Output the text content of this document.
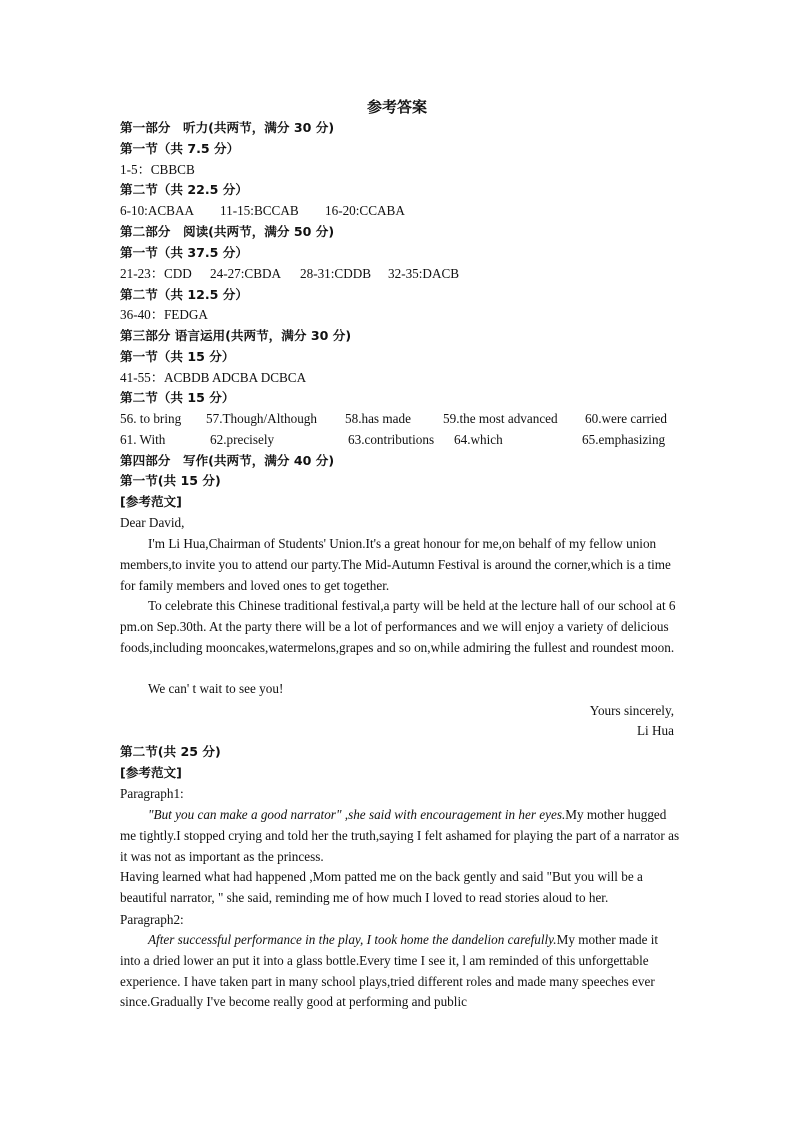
参考答案
第一部分　听力(共两节，满分 30 分)
第一节（共 7.5 分）
1-5：CBBCB
第二节（共 22.5 分）
6-10:ACBAA 11-15:BCCAB 16-20:CCABA
第二部分　阅读(共两节，满分 50 分)
第一节（共 37.5 分）
21-23：CDD 24-27:CBDA 28-31:CDDB 32-35:DACB
第二节（共 12.5 分）
36-40：FEDGA
第三部分 语言运用(共两节，满分 30 分)
第一节（共 15 分）
41-55：ACBDB ADCBA DCBCA
第二节（共 15 分）
56. to bring 57.Though/Although 58.has made 59.the most advanced 60.were carried
61. With	62.precisely	63.contributions 64.which	65.emphasizing
第四部分　写作(共两节，满分 40 分)
第一节(共 15 分)
[参考范文]
Dear David,
I'm Li Hua,Chairman of Students' Union.It's a great honour for me,on behalf of my fellow union members,to invite you to attend our party.The Mid-Autumn Festival is around the corner,which is a time for family members and loved ones to get together.
To celebrate this Chinese traditional festival,a party will be held at the lecture hall of our school at 6 pm.on Sep.30th. At the party there will be a lot of performances and we will enjoy a variety of delicious foods,including mooncakes,watermelons,grapes and so on,while admiring the fullest and roundest moon.
We can' t wait to see you!
Yours sincerely,
Li Hua
第二节(共 25 分)
[参考范文]
Paragraph1:
"But you can make a good narrator" ,she said with encouragement in her eyes.My mother hugged me tightly.I stopped crying and told her the truth,saying I felt ashamed for playing the part of a narrator as it was not as important as the princess.
Having learned what had happened ,Mom patted me on the back gently and said "But you will be a beautiful narrator, " she said, reminding me of how much I loved to read stories aloud to her.
Paragraph2:
After successful performance in the play, I took home the dandelion carefully.My mother made it into a dried lower an put it into a glass bottle.Every time I see it, l am reminded of this unforgettable experience. I have taken part in many school plays,tried different roles and made many speeches ever since.Gradually I've become really good at performing and public
